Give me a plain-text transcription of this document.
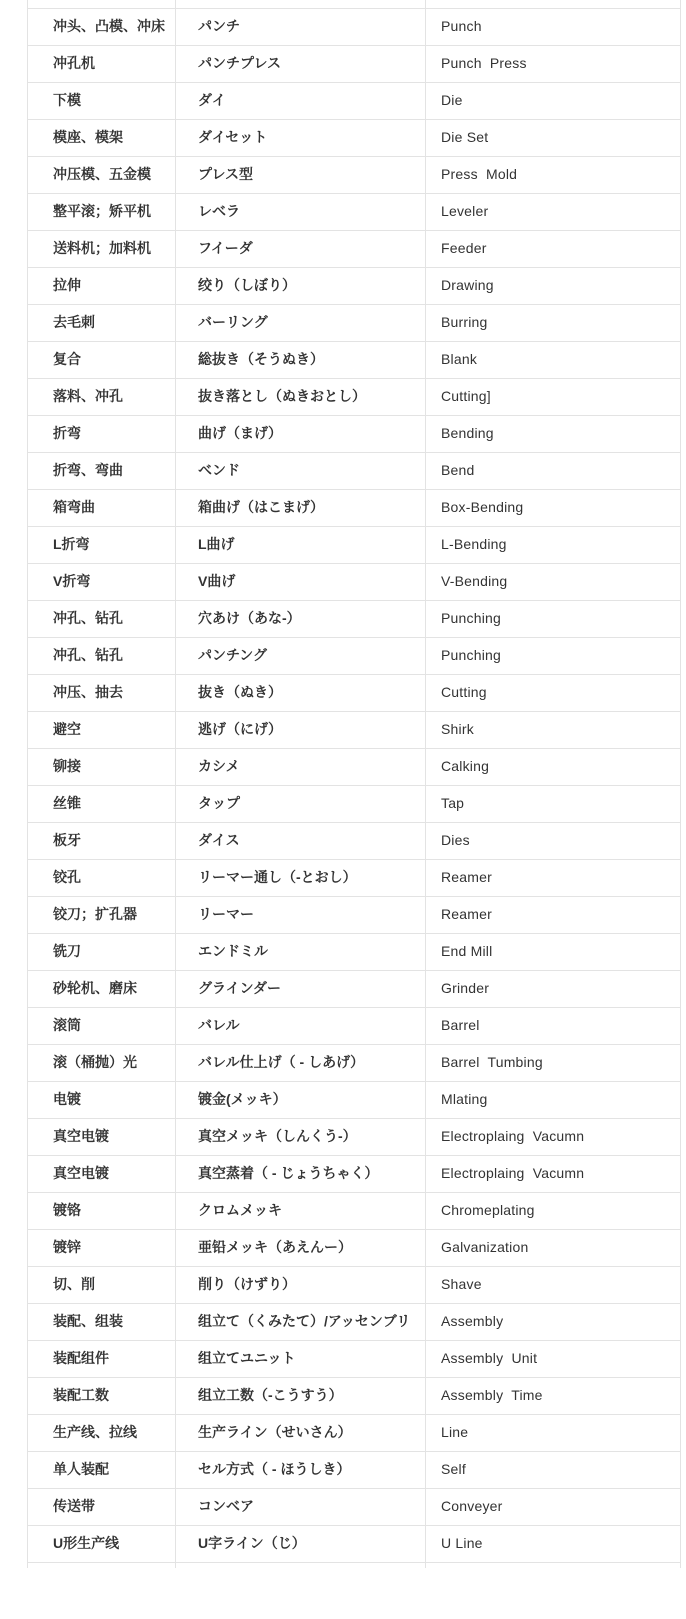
冲头、凸模、冲床	パンチ	Punch
冲孔机	パンチプレス	Punch  Press
下模	ダイ	Die
模座、模架	ダイセット	Die Set
冲压模、五金模	プレス型	Press  Mold
整平滚；矫平机	レベラ	Leveler
送料机；加料机	フイーダ	Feeder
拉伸	绞り（しぼり）	Drawing
去毛刺	バーリング	Burring
复合	総抜き（そうぬき）	Blank
落料、冲孔	抜き落とし（ぬきおとし）	Cutting]
折弯	曲げ（まげ）	Bending
折弯、弯曲	ベンド	Bend
箱弯曲	箱曲げ（はこまげ）	Box-Bending
L折弯	L曲げ	L-Bending
V折弯	V曲げ	V-Bending
冲孔、钻孔	穴あけ（あな-）	Punching
冲孔、钻孔	パンチング	Punching
冲压、抽去	抜き（ぬき）	Cutting
避空	逃げ（にげ）	Shirk
铆接	カシメ	Calking
丝锥	タップ	Tap
板牙	ダイス	Dies
铰孔	リーマー通し（-とおし）	Reamer
铰刀；扩孔器	リーマー	Reamer
铣刀	エンドミル	End Mill
砂轮机、磨床	グラインダー	Grinder
滚筒	バレル	Barrel
滚（桶抛）光	バレル仕上げ（ - しあげ）	Barrel  Tumbing
电镀	镀金(メッキ）	Mlating
真空电镀	真空メッキ（しんくう-）	Electroplaing  Vacumn
真空电镀	真空蒸着（ - じょうちゃく）	Electroplaing  Vacumn
镀铬	クロムメッキ	Chromeplating
镀锌	亜铅メッキ（あえんー）	Galvanization
切、削	削り（けずり）	Shave
装配、组装	组立て（くみたて）/アッセンブリ	Assembly
装配组件	组立てユニット	Assembly  Unit
装配工数	组立工数（-こうすう）	Assembly  Time
生产线、拉线	生产ライン（せいさん）	Line
单人装配	セル方式（ - ほうしき）	Self
传送带	コンベア	Conveyer
U形生产线	U字ライン（じ）	U Line
